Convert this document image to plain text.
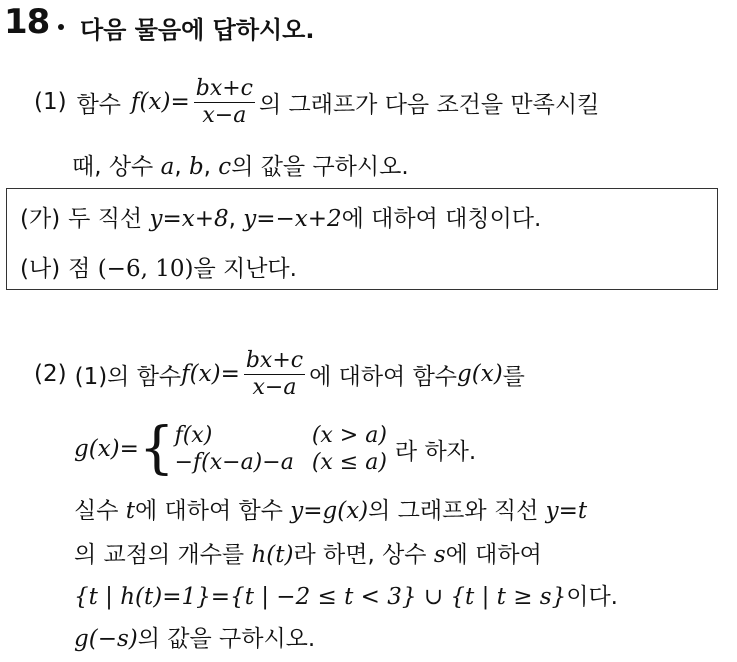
18 다음 물음에 답하시오.
(1) 함수 $f(x)= \frac{bx+c}{x-a}$ 의 그래프가 다음 조건을 만족시킬
때, 상수 a, b, c의 값을 구하시오.
(가) 두 직선 y=x+8, y=−x+2에 대하여 대칭이다.
(나) 점 (−6, 10)을 지난다.
(2) (1)의 함수 $f(x)= \frac{bx+c}{x-a}$ 에 대하여 함수 g(x) 를
g(x)= { f(x)	(x > a)
−f(x−a)−a (x ≤ a) 라 하자.
실수 t에 대하여 함수 y=g(x)의 그래프와 직선 y=t
의 교점의 개수를 h(t)라 하면, 상수 s에 대하여
{t | h(t)=1}={t | −2 ≤ t < 3} ∪ {t | t ≥ s}이다.
g(−s)의 값을 구하시오.
